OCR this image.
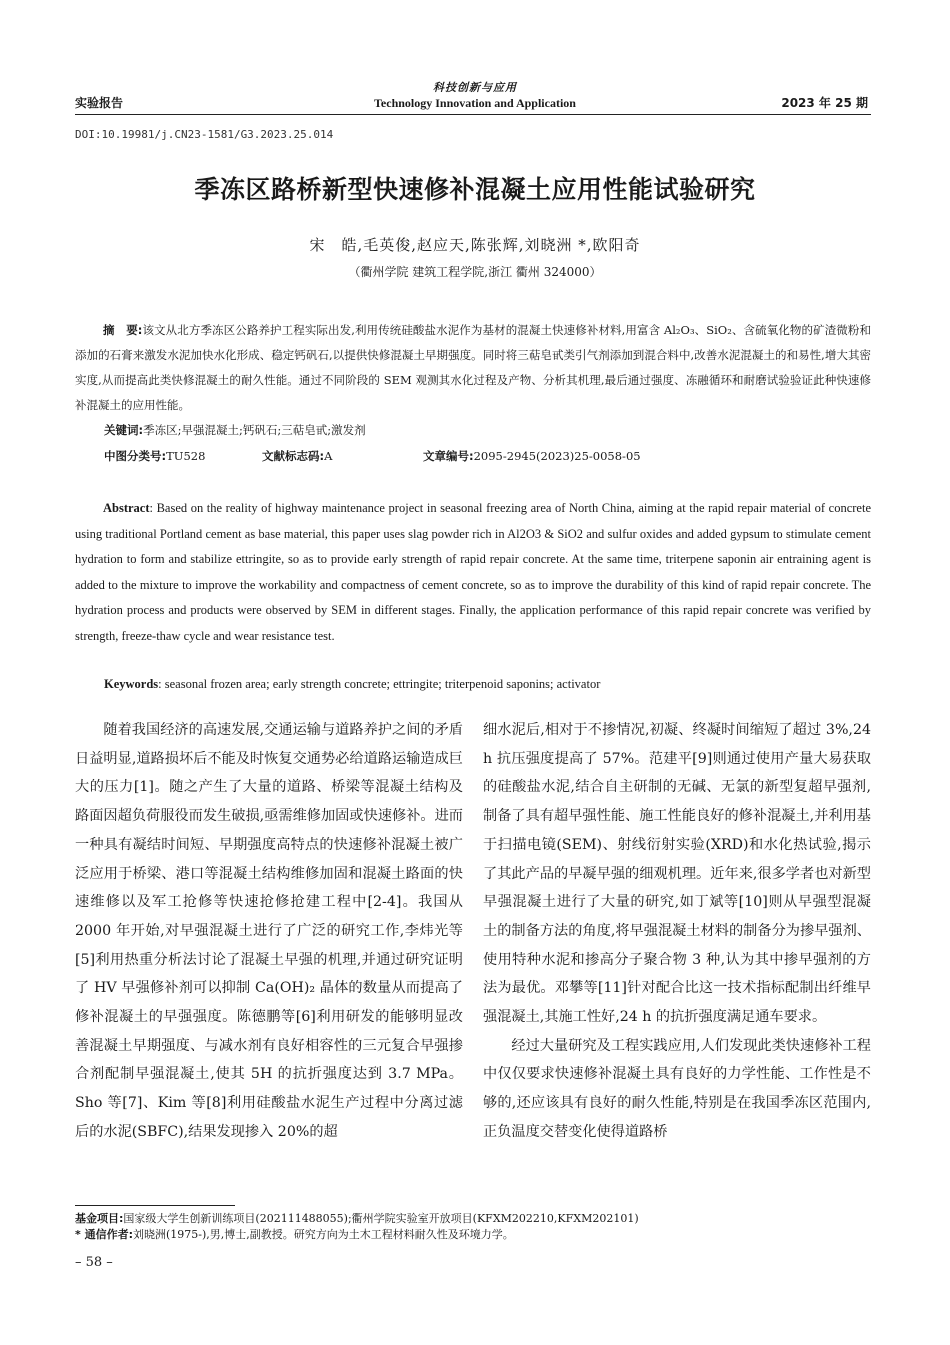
实验报告
科技创新与应用
Technology Innovation and Application	2023 年 25 期
DOI:10.19981/j.CN23-1581/G3.2023.25.014
季冻区路桥新型快速修补混凝土应用性能试验研究
宋　皓,毛英俊,赵应天,陈张辉,刘晓洲 *,欧阳奇
（衢州学院 建筑工程学院,浙江 衢州 324000）
摘　要:该文从北方季冻区公路养护工程实际出发,利用传统硅酸盐水泥作为基材的混凝土快速修补材料,用富含 Al₂O₃、SiO₂、含硫氧化物的矿渣微粉和添加的石膏来激发水泥加快水化形成、稳定钙矾石,以提供快修混凝土早期强度。同时将三萜皂甙类引气剂添加到混合料中,改善水泥混凝土的和易性,增大其密实度,从而提高此类快修混凝土的耐久性能。通过不同阶段的 SEM 观测其水化过程及产物、分析其机理,最后通过强度、冻融循环和耐磨试验验证此种快速修补混凝土的应用性能。
关键词:季冻区;早强混凝土;钙矾石;三萜皂甙;激发剂
中图分类号:TU528	文献标志码:A	文章编号:2095-2945(2023)25-0058-05
Abstract: Based on the reality of highway maintenance project in seasonal freezing area of North China, aiming at the rapid repair material of concrete using traditional Portland cement as base material, this paper uses slag powder rich in Al2O3 & SiO2 and sulfur oxides and added gypsum to stimulate cement hydration to form and stabilize ettringite, so as to provide early strength of rapid repair concrete. At the same time, triterpene saponin air entraining agent is added to the mixture to improve the workability and compactness of cement concrete, so as to improve the durability of this kind of rapid repair concrete. The hydration process and products were observed by SEM in different stages. Finally, the application performance of this rapid repair concrete was verified by strength, freeze-thaw cycle and wear resistance test.
Keywords: seasonal frozen area; early strength concrete; ettringite; triterpenoid saponins; activator

随着我国经济的高速发展,交通运输与道路养护之间的矛盾日益明显,道路损坏后不能及时恢复交通势必给道路运输造成巨大的压力[1]。随之产生了大量的道路、桥梁等混凝土结构及路面因超负荷服役而发生破损,亟需维修加固或快速修补。进而一种具有凝结时间短、早期强度高特点的快速修补混凝土被广泛应用于桥梁、港口等混凝土结构维修加固和混凝土路面的快速维修以及军工抢修等快速抢修抢建工程中[2-4]。我国从 2000 年开始,对早强混凝土进行了广泛的研究工作,李炜光等[5]利用热重分析法讨论了混凝土早强的机理,并通过研究证明了 HV 早强修补剂可以抑制 Ca(OH)₂ 晶体的数量从而提高了修补混凝土的早强强度。陈德鹏等[6]利用研发的能够明显改善混凝土早期强度、与减水剂有良好相容性的三元复合早强掺合剂配制早强混凝土,使其 5H 的抗折强度达到 3.7 MPa。Sho 等[7]、Kim 等[8]利用硅酸盐水泥生产过程中分离过滤后的水泥(SBFC),结果发现掺入 20%的超

细水泥后,相对于不掺情况,初凝、终凝时间缩短了超过 3%,24 h 抗压强度提高了 57%。范建平[9]则通过使用产量大易获取的硅酸盐水泥,结合自主研制的无碱、无氯的新型复超早强剂,制备了具有超早强性能、施工性能良好的修补混凝土,并利用基于扫描电镜(SEM)、射线衍射实验(XRD)和水化热试验,揭示了其此产品的早凝早强的细观机理。近年来,很多学者也对新型早强混凝土进行了大量的研究,如丁斌等[10]则从早强型混凝土的制备方法的角度,将早强混凝土材料的制备分为掺早强剂、使用特种水泥和掺高分子聚合物 3 种,认为其中掺早强剂的方法为最优。邓攀等[11]针对配合比这一技术指标配制出纤维早强混凝土,其施工性好,24 h 的抗折强度满足通车要求。

经过大量研究及工程实践应用,人们发现此类快速修补工程中仅仅要求快速修补混凝土具有良好的力学性能、工作性是不够的,还应该具有良好的耐久性能,特别是在我国季冻区范围内,正负温度交替变化使得道路桥

基金项目:国家级大学生创新训练项目(202111488055);衢州学院实验室开放项目(KFXM202210,KFXM202101)
* 通信作者:刘晓洲(1975-),男,博士,副教授。研究方向为土木工程材料耐久性及环境力学。
– 58 –
